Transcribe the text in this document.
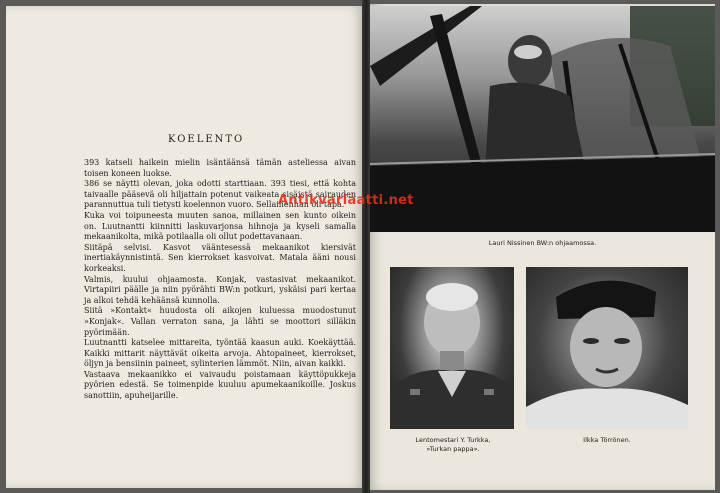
KOELENTO

393 katseli haikein mielin isäntäänsä tämän asteliessa aivan toisen koneen luokse.

386 se näytti olevan, joka odotti starttiaan. 393 tiesi, että kohta taivaalle pääsevä oli hiljattain potenut vaikeata sisäistä sairauden parannuttua tuli tietysti koelennon vuoro. Sellainenhan oli tapa.

Kuka voi toipuneesta muuten sanoa, millainen sen kunto oikein on. Luutnantti kiinnitti laskuvarjonsa hihnoja ja kyseli samalla mekaanikolta, mikä potilaalla oli ollut podettavanaan.

Siitäpä selvisi. Kasvot vääntesessä mekaanikot kiersivät inertiakäynnistintä. Sen kierrokset kasvoivat. Matala ääni nousi korkeaksi.

Valmis, kuului ohjaamosta. Konjak, vastasivat mekaanikot. Virtapiiri päälle ja niin pyörähti BW:n potkuri, yskäisi pari kertaa ja alkoi tehdä kehäänsä kunnolla.

Siitä »Kontakt« huudosta oli aikojen kuluessa muodostunut »Konjak«. Vallan verraton sana, ja lähti se moottori silläkin pyörimään.

Luutnantti katselee mittareita, työntää kaasun auki. Koekäyttää. Kaikki mittarit näyttävät oikeita arvoja. Ahtopaineet, kierrokset, öljyn ja bensiinin paineet, sylinterien lämmöt. Niin, aivan kaikki.

Vastaava mekaanikko ei vaivaudu poistamaan käyttöpukkeja pyörien edestä. Se toimenpide kuuluu apumekaanikoille. Joskus sanottiin, apuheijarille.

Lauri Nissinen BW:n ohjaamossa.
Lentomestari Y. Turkka,
»Turkan pappa».
Ilkka Törrönen.
Antikvariaatti.net
